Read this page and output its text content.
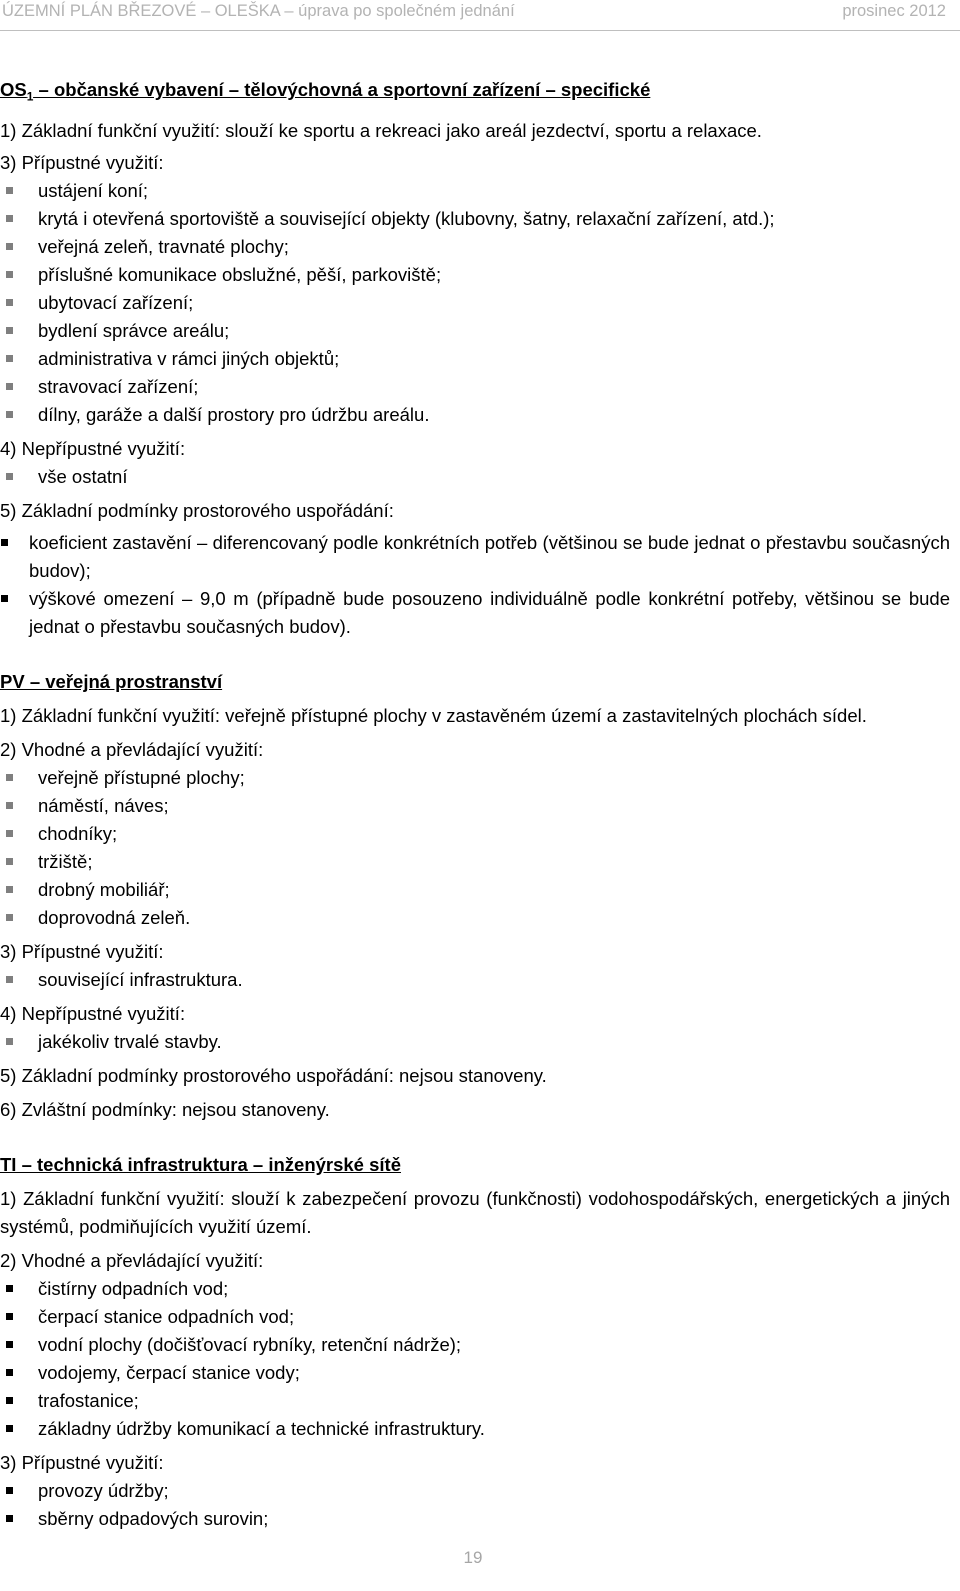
ÚZEMNÍ PLÁN BŘEZOVÉ – OLEŠKA – úprava po společném jednání	prosinec 2012
$OS_1$ – občanské vybavení – tělovýchovná a sportovní zařízení – specifické
1) Základní funkční využití: slouží ke sportu a rekreaci jako areál jezdectví, sportu a relaxace.
3) Přípustné využití:
ustájení koní;
krytá i otevřená sportoviště a související objekty (klubovny, šatny, relaxační zařízení, atd.);
veřejná zeleň, travnaté plochy;
příslušné komunikace obslužné, pěší, parkoviště;
ubytovací zařízení;
bydlení správce areálu;
administrativa v rámci jiných objektů;
stravovací zařízení;
dílny, garáže a další prostory pro údržbu areálu.
4) Nepřípustné využití:
vše ostatní
5) Základní podmínky prostorového uspořádání:
koeficient zastavění – diferencovaný podle konkrétních potřeb (většinou se bude jednat o přestavbu současných budov);
výškové omezení – 9,0 m (případně bude posouzeno individuálně podle konkrétní potřeby, většinou se bude jednat o přestavbu současných budov).
PV – veřejná prostranství
1) Základní funkční využití: veřejně přístupné plochy v zastavěném území a zastavitelných plochách sídel.
2) Vhodné a převládající využití:
veřejně přístupné plochy;
náměstí, náves;
chodníky;
tržiště;
drobný mobiliář;
doprovodná zeleň.
3) Přípustné využití:
související infrastruktura.
4) Nepřípustné využití:
jakékoliv trvalé stavby.
5) Základní podmínky prostorového uspořádání: nejsou stanoveny.
6) Zvláštní podmínky: nejsou stanoveny.
TI – technická infrastruktura – inženýrské sítě
1) Základní funkční využití: slouží k zabezpečení provozu (funkčnosti) vodohospodářských, energetických a jiných systémů, podmiňujících využití území.
2) Vhodné a převládající využití:
čistírny odpadních vod;
čerpací stanice odpadních vod;
vodní plochy (dočišťovací rybníky, retenční nádrže);
vodojemy, čerpací stanice vody;
trafostanice;
základny údržby komunikací a technické infrastruktury.
3) Přípustné využití:
provozy údržby;
sběrny odpadových surovin;
19
